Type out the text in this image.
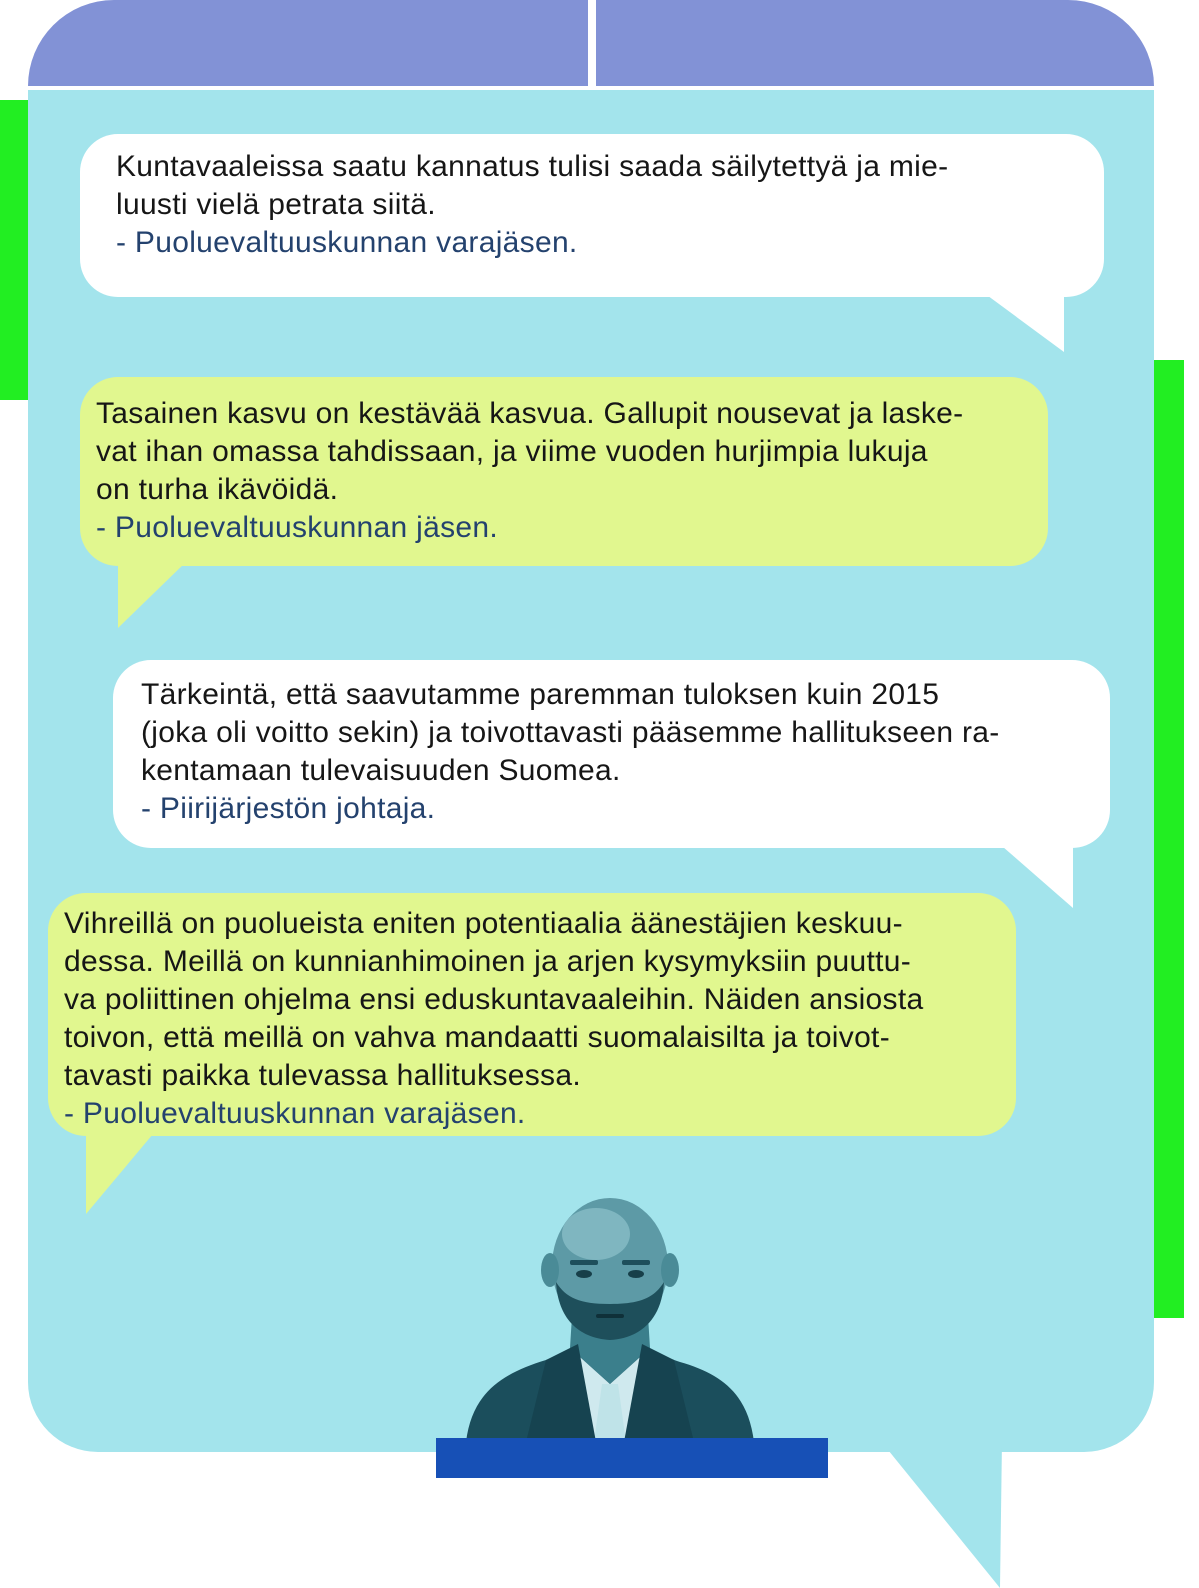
Kuntavaaleissa saatu kannatus tulisi saada säilytettyä ja mie-
luusti vielä petrata siitä.
- Puoluevaltuuskunnan varajäsen.
Tasainen kasvu on kestävää kasvua. Gallupit nousevat ja laske-
vat ihan omassa tahdissaan, ja viime vuoden hurjimpia lukuja
on turha ikävöidä.
- Puoluevaltuuskunnan jäsen.
Tärkeintä, että saavutamme paremman tuloksen kuin 2015
(joka oli voitto sekin) ja toivottavasti pääsemme hallitukseen ra-
kentamaan tulevaisuuden Suomea.
- Piirijärjestön johtaja.
Vihreillä on puolueista eniten potentiaalia äänestäjien keskuu-
dessa. Meillä on kunnianhimoinen ja arjen kysymyksiin puuttu-
va poliittinen ohjelma ensi eduskuntavaaleihin. Näiden ansiosta
toivon, että meillä on vahva mandaatti suomalaisilta ja toivot-
tavasti paikka tulevassa hallituksessa.
- Puoluevaltuuskunnan varajäsen.
